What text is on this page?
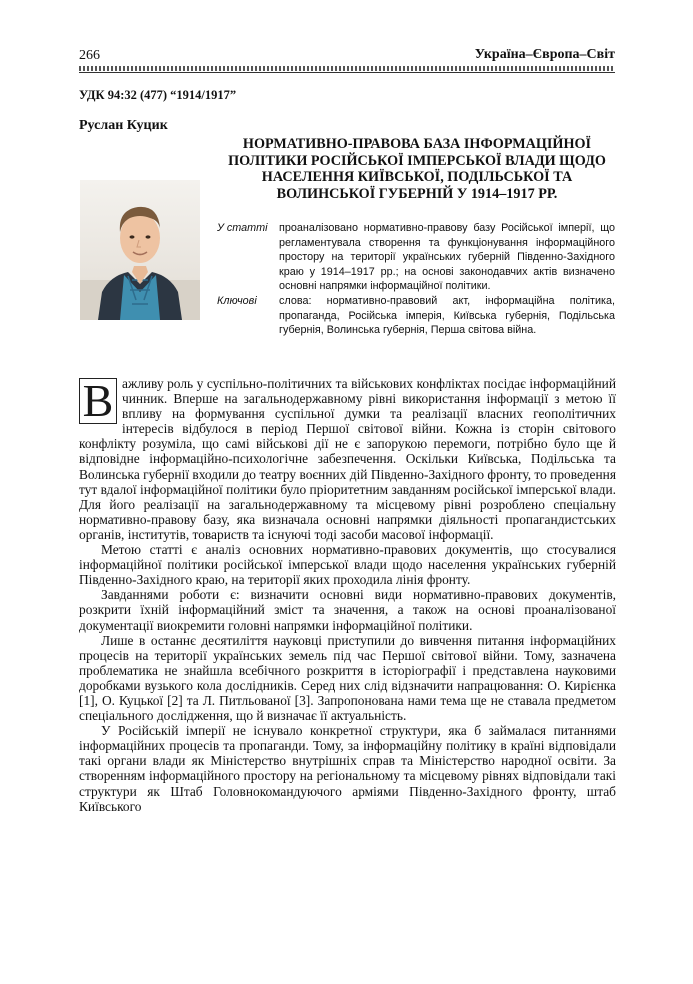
266	Україна–Європа–Світ
УДК 94:32 (477) “1914/1917”
Руслан Куцик
НОРМАТИВНО-ПРАВОВА БАЗА ІНФОРМАЦІЙНОЇ ПОЛІТИКИ РОСІЙСЬКОЇ ІМПЕРСЬКОЇ ВЛАДИ ЩОДО НАСЕЛЕННЯ КИЇВСЬКОЇ, ПОДІЛЬСЬКОЇ ТА ВОЛИНСЬКОЇ ГУБЕРНІЙ У 1914–1917 РР.
У статті	проаналізовано нормативно-правову базу Російської імперії, що регламентувала створення та функціонування інформаційного простору на території українських губерній Південно-Західного краю у 1914–1917 рр.; на основі законодавчих актів визначено основні напрямки інформаційної політики.
Ключові	слова: нормативно-правовий акт, інформаційна політика, пропаганда, Російська імперія, Київська губернія, Подільська губернія, Волинська губернія, Перша світова війна.

В ажливу роль у суспільно-політичних та військових конфліктах посідає інформаційний чинник. Вперше на загальнодержавному рівні використання інформації з метою її впливу на формування суспільної думки та реалізації власних геополітичних інтересів відбулося в період Першої світової війни. Кожна із сторін світового конфлікту розуміла, що самі військові дії не є запорукою перемоги, потрібно було ще й відповідне інформаційно-психологічне забезпечення. Оскільки Київська, Подільська та Волинська губернії входили до театру воєнних дій Південно-Західного фронту, то проведення тут вдалої інформаційної політики було пріоритетним завданням російської імперської влади. Для його реалізації на загальнодержавному та місцевому рівні розроблено спеціальну нормативно-правову базу, яка визначала основні напрямки діяльності пропагандистських органів, інститутів, товариств та існуючі тоді засоби масової інформації.

Метою статті є аналіз основних нормативно-правових документів, що стосувалися інформаційної політики російської імперської влади щодо населення українських губерній Південно-Західного краю, на території яких проходила лінія фронту.

Завданнями роботи є: визначити основні види нормативно-правових документів, розкрити їхній інформаційний зміст та значення, а також на основі проаналізованої документації виокремити головні напрямки інформаційної політики.

Лише в останнє десятиліття науковці приступили до вивчення питання інформаційних процесів на території українських земель під час Першої світової війни. Тому, зазначена проблематика не знайшла всебічного розкриття в історіографії і представлена науковими доробками вузького кола дослідників. Серед них слід відзначити напрацювання: О. Кирієнка [1], О. Куцької [2] та Л. Питльованої [3]. Запропонована нами тема ще не ставала предметом спеціального дослідження, що й визначає її актуальність.

У Російській імперії не існувало конкретної структури, яка б займалася питаннями інформаційних процесів та пропаганди. Тому, за інформаційну політику в країні відповідали такі органи влади як Міністерство внутрішніх справ та Міністерство народної освіти. За створенням інформаційного простору на регіональному та місцевому рівнях відповідали такі структури як Штаб Головнокомандуючого арміями Південно-Західного фронту, штаб Київського
